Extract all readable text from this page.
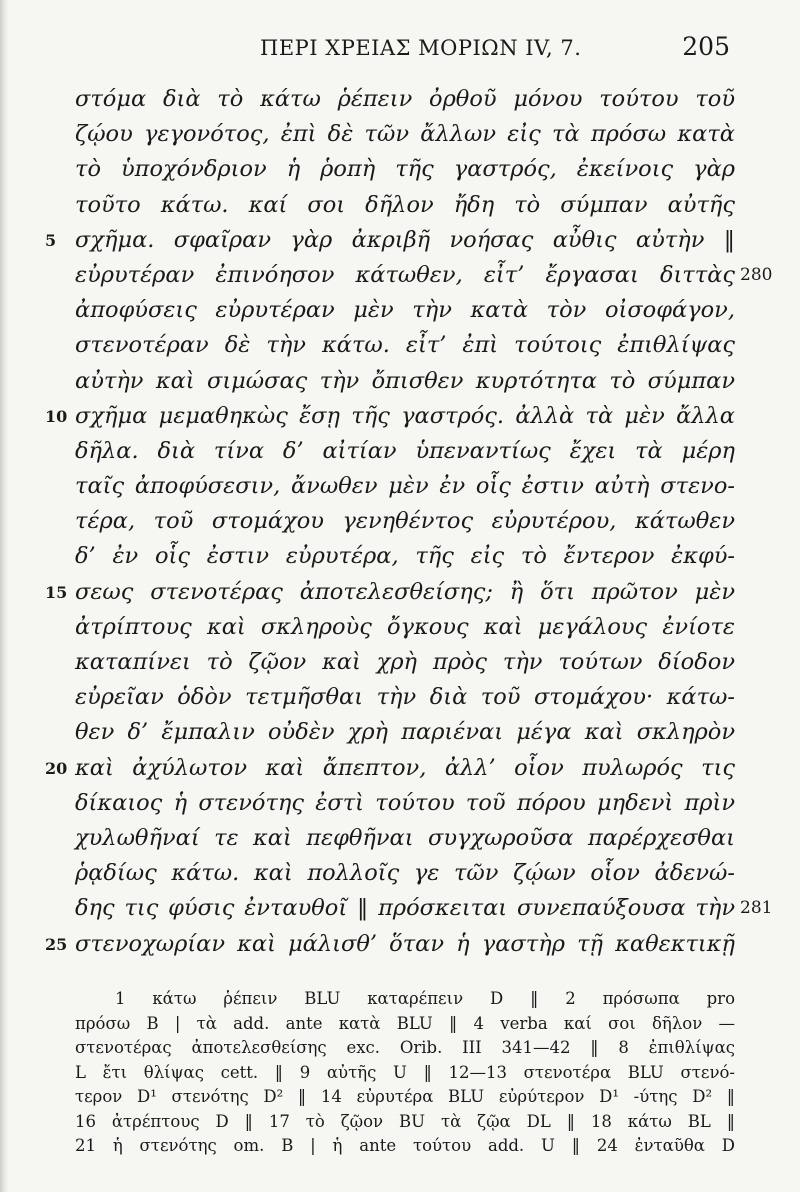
ΠΕΡΙ ΧΡΕΙΑΣ ΜΟΡΙΩΝ IV, 7.	205
στόμα διὰ τὸ κάτω ῥέπειν ὀρθοῦ μόνου τούτου τοῦ
ζῴου γεγονότος, ἐπὶ δὲ τῶν ἄλλων εἰς τὰ πρόσω κατὰ
τὸ ὑποχόνδριον ἡ ῥοπὴ τῆς γαστρός, ἐκείνοις γὰρ
τοῦτο κάτω. καί σοι δῆλον ἤδη τὸ σύμπαν αὐτῆς
5 σχῆμα. σφαῖραν γὰρ ἀκριβῆ νοήσας αὖθις αὐτὴν ‖
εὐρυτέραν ἐπινόησον κάτωθεν, εἶτ’ ἔργασαι διττὰς 280
ἀποφύσεις εὐρυτέραν μὲν τὴν κατὰ τὸν οἰσοφάγον,
στενοτέραν δὲ τὴν κάτω. εἶτ’ ἐπὶ τούτοις ἐπιθλίψας
αὐτὴν καὶ σιμώσας τὴν ὄπισθεν κυρτότητα τὸ σύμπαν
10 σχῆμα μεμαθηκὼς ἔσῃ τῆς γαστρός. ἀλλὰ τὰ μὲν ἄλλα
δῆλα. διὰ τίνα δ’ αἰτίαν ὑπεναντίως ἔχει τὰ μέρη
ταῖς ἀποφύσεσιν, ἄνωθεν μὲν ἐν οἷς ἐστιν αὐτὴ στενο-
τέρα, τοῦ στομάχου γενηθέντος εὐρυτέρου, κάτωθεν
δ’ ἐν οἷς ἐστιν εὐρυτέρα, τῆς εἰς τὸ ἔντερον ἐκφύ-
15 σεως στενοτέρας ἀποτελεσθείσης; ἢ ὅτι πρῶτον μὲν
ἀτρίπτους καὶ σκληροὺς ὄγκους καὶ μεγάλους ἐνίοτε
καταπίνει τὸ ζῷον καὶ χρὴ πρὸς τὴν τούτων δίοδον
εὐρεῖαν ὁδὸν τετμῆσθαι τὴν διὰ τοῦ στομάχου· κάτω-
θεν δ’ ἔμπαλιν οὐδὲν χρὴ παριέναι μέγα καὶ σκληρὸν
20 καὶ ἀχύλωτον καὶ ἄπεπτον, ἀλλ’ οἷον πυλωρός τις
δίκαιος ἡ στενότης ἐστὶ τούτου τοῦ πόρου μηδενὶ πρὶν
χυλωθῆναί τε καὶ πεφθῆναι συγχωροῦσα παρέρχεσθαι
ῥᾳδίως κάτω. καὶ πολλοῖς γε τῶν ζῴων οἷον ἀδενώ-
δης τις φύσις ἐνταυθοῖ ‖ πρόσκειται συνεπαύξουσα τὴν 281
25 στενοχωρίαν καὶ μάλισθ’ ὅταν ἡ γαστὴρ τῇ καθεκτικῇ
1 κάτω ῥέπειν BLU καταρέπειν D ‖ 2 πρόσωπα pro
πρόσω B | τὰ add. ante κατὰ BLU ‖ 4 verba καί σοι δῆλον —
στενοτέρας ἀποτελεσθείσης exc. Orib. III 341—42 ‖ 8 ἐπιθλίψας
L ἔτι θλίψας cett. ‖ 9 αὐτῆς U ‖ 12—13 στενοτέρα BLU στενό-
τερον D¹ στενότης D² ‖ 14 εὐρυτέρα BLU εὐρύτερον D¹ -ύτης D² ‖
16 ἀτρέπτους D ‖ 17 τὸ ζῷον BU τὰ ζῷα DL ‖ 18 κάτω BL ‖
21 ἡ στενότης om. B | ἡ ante τούτου add. U ‖ 24 ἐνταῦθα D
